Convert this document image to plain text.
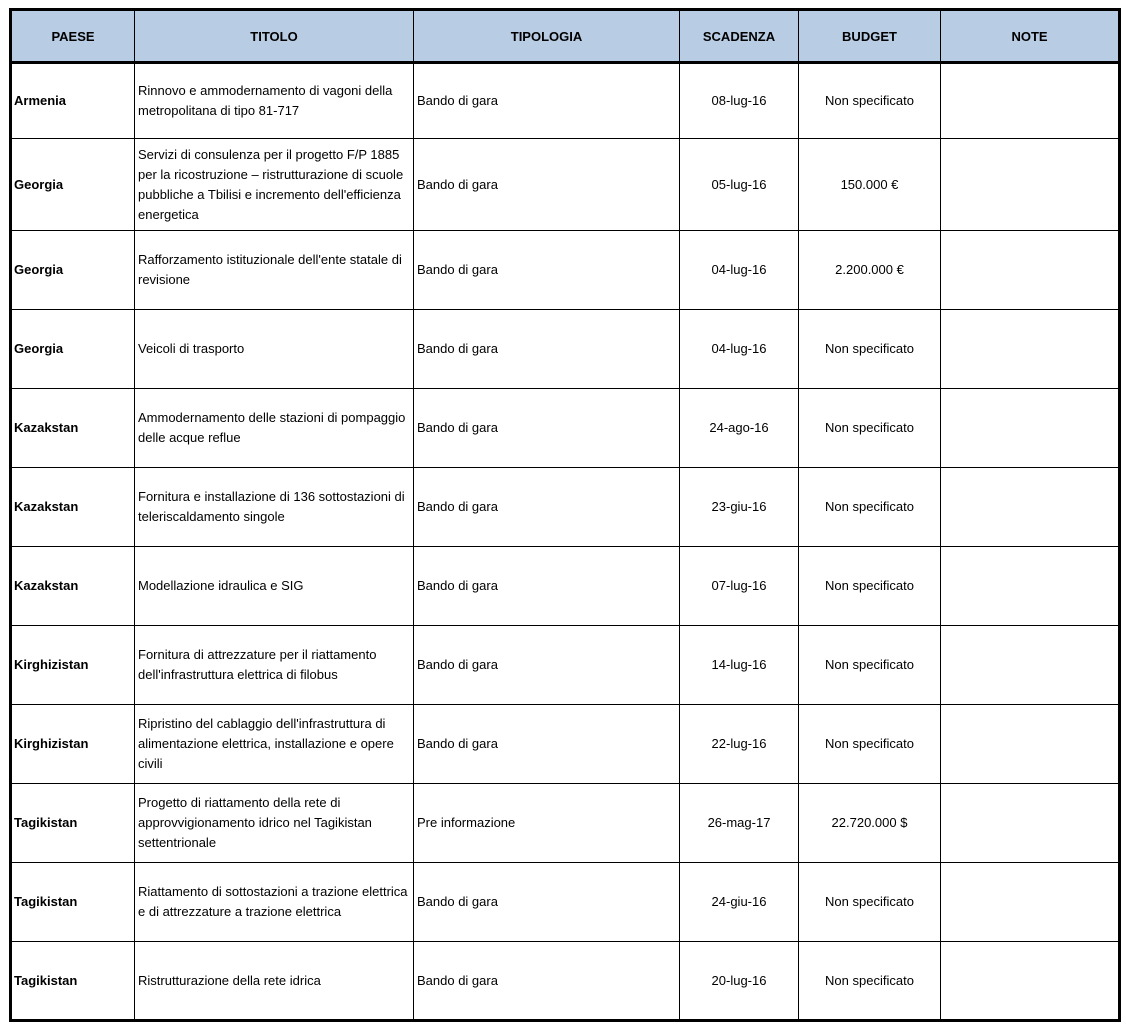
PAESE	TITOLO	TIPOLOGIA	SCADENZA	BUDGET	NOTE
Armenia	Rinnovo e ammodernamento di vagoni della metropolitana di tipo 81-717	Bando di gara	08-lug-16	Non specificato	
Georgia	Servizi di consulenza per il progetto F/P 1885 per la ricostruzione – ristrutturazione di scuole pubbliche a Tbilisi e incremento dell'efficienza energetica	Bando di gara	05-lug-16	150.000 €	
Georgia	Rafforzamento istituzionale dell'ente statale di revisione	Bando di gara	04-lug-16	2.200.000 €	
Georgia	Veicoli di trasporto	Bando di gara	04-lug-16	Non specificato	
Kazakstan	Ammodernamento delle stazioni di pompaggio delle acque reflue	Bando di gara	24-ago-16	Non specificato	
Kazakstan	Fornitura e installazione di 136 sottostazioni di teleriscaldamento singole	Bando di gara	23-giu-16	Non specificato	
Kazakstan	Modellazione idraulica e SIG	Bando di gara	07-lug-16	Non specificato	
Kirghizistan	Fornitura di attrezzature per il riattamento dell'infrastruttura elettrica di filobus	Bando di gara	14-lug-16	Non specificato	
Kirghizistan	Ripristino del cablaggio dell'infrastruttura di alimentazione elettrica, installazione e opere civili	Bando di gara	22-lug-16	Non specificato	
Tagikistan	Progetto di riattamento della rete di approvvigionamento idrico nel Tagikistan settentrionale	Pre informazione	26-mag-17	22.720.000 $	
Tagikistan	Riattamento di sottostazioni a trazione elettrica e di attrezzature a trazione elettrica	Bando di gara	24-giu-16	Non specificato	
Tagikistan	Ristrutturazione della rete idrica	Bando di gara	20-lug-16	Non specificato	
